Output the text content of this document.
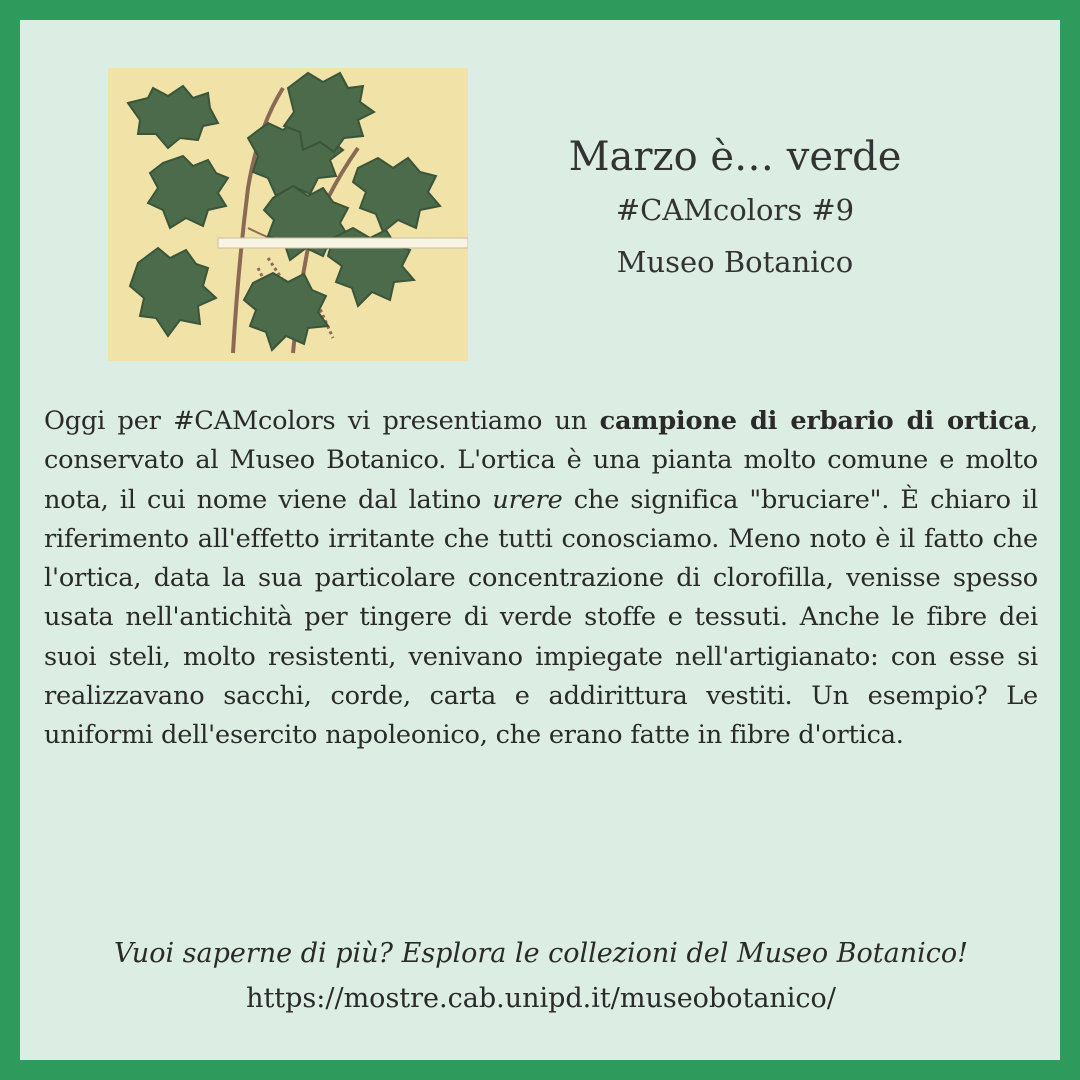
Marzo è… verde
#CAMcolors #9
Museo Botanico
Oggi per #CAMcolors vi presentiamo un campione di erbario di ortica, conservato al Museo Botanico. L'ortica è una pianta molto comune e molto nota, il cui nome viene dal latino urere che significa "bruciare". È chiaro il riferimento all'effetto irritante che tutti conosciamo. Meno noto è il fatto che l'ortica, data la sua particolare concentrazione di clorofilla, venisse spesso usata nell'antichità per tingere di verde stoffe e tessuti. Anche le fibre dei suoi steli, molto resistenti, venivano impiegate nell'artigianato: con esse si realizzavano sacchi, corde, carta e addirittura vestiti. Un esempio? Le uniformi dell'esercito napoleonico, che erano fatte in fibre d'ortica.
Vuoi saperne di più? Esplora le collezioni del Museo Botanico!
https://mostre.cab.unipd.it/museobotanico/
